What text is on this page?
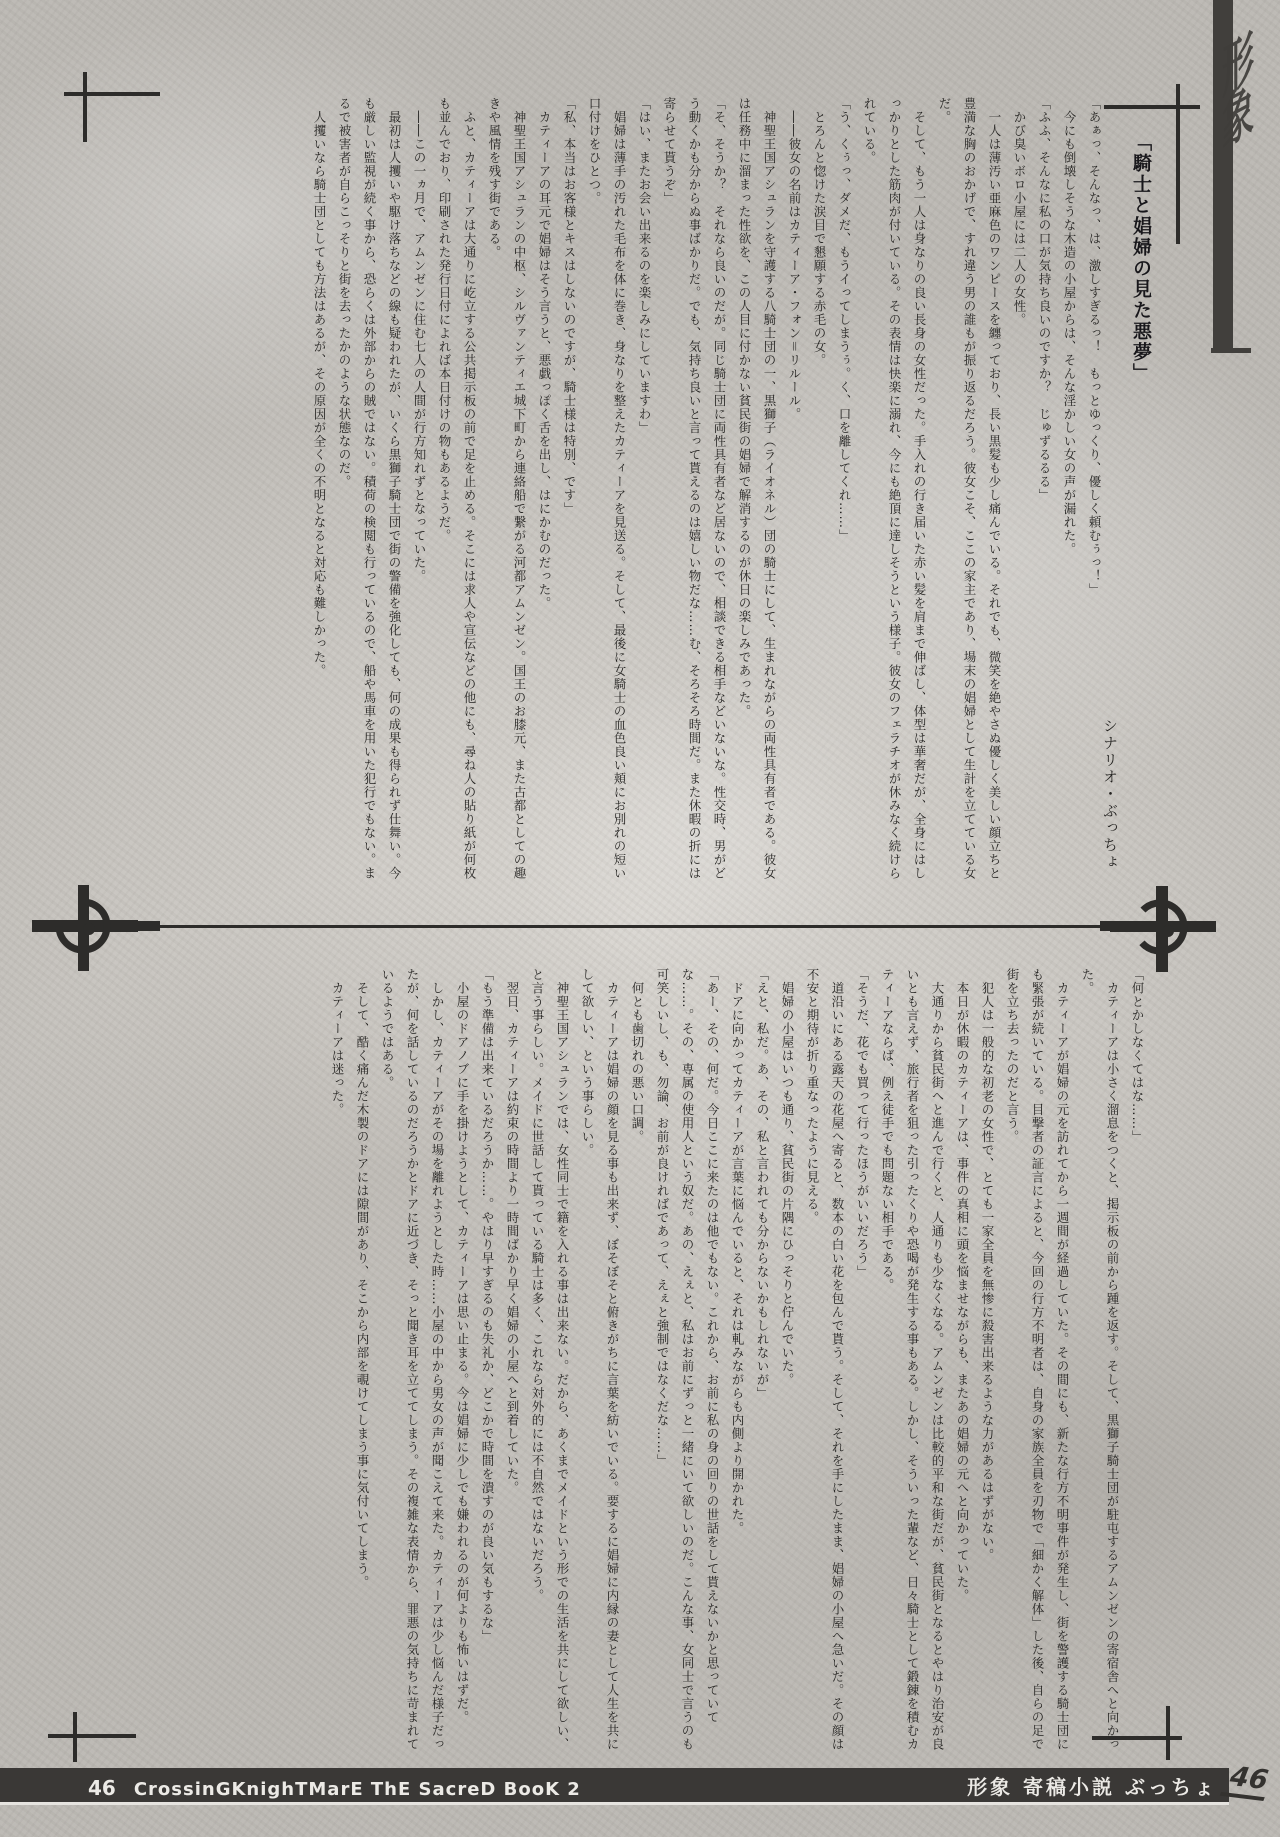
形象
「騎士と娼婦の見た悪夢」
シナリオ・ぶっちょ

「あぁっ、そんなっ、は、激しすぎるっ！　もっとゆっくり、優しく頼むぅっ！」

　今にも倒壊しそうな木造の小屋からは、そんな淫かしい女の声が漏れた。

「ふふ、そんなに私の口が気持ち良いのですか？　じゅずるるる」

　かび臭いボロ小屋には二人の女性。

　一人は薄汚い亜麻色のワンピースを纏っており、長い黒髪も少し痛んでいる。それでも、微笑を絶やさぬ優しく美しい顔立ちと豊満な胸のおかげで、すれ違う男の誰もが振り返るだろう。彼女こそ、ここの家主であり、場末の娼婦として生計を立てている女だ。

　そして、もう一人は身なりの良い長身の女性だった。手入れの行き届いた赤い髪を肩まで伸ばし、体型は華奢だが、全身にはしっかりとした筋肉が付いている。その表情は快楽に溺れ、今にも絶頂に達しそうという様子。彼女のフェラチオが休みなく続けられている。

「う、くぅっ、ダメだ、もうイってしまうぅ。く、口を離してくれ……」

　とろんと惚けた涙目で懇願する赤毛の女。

　――彼女の名前はカティーア・フォン＝リルール。

　神聖王国アシュランを守護する八騎士団の一、黒獅子（ライオネル）団の騎士にして、生まれながらの両性具有者である。彼女は任務中に溜まった性欲を、この人目に付かない貧民街の娼婦で解消するのが休日の楽しみであった。

「そ、そうか？　それなら良いのだが。同じ騎士団に両性具有者など居ないので、相談できる相手などいないな。性交時、男がどう動くかも分からぬ事ばかりだ。でも、気持ち良いと言って貰えるのは嬉しい物だな……む、そろそろ時間だ。また休暇の折には寄らせて貰うぞ」

「はい、またお会い出来るのを楽しみにしていますわ」

　娼婦は薄手の汚れた毛布を体に巻き、身なりを整えたカティーアを見送る。そして、最後に女騎士の血色良い頬にお別れの短い口付けをひとつ。

「私、本当はお客様とキスはしないのですが、騎士様は特別、です」

　カティーアの耳元で娼婦はそう言うと、悪戯っぽく舌を出し、はにかむのだった。

　神聖王国アシュランの中枢、シルヴァンティエ城下町から連絡船で繋がる河都アムンゼン。国王のお膝元、また古都としての趣きや風情を残す街である。

　ふと、カティーアは大通りに屹立する公共掲示板の前で足を止める。そこには求人や宣伝などの他にも、尋ね人の貼り紙が何枚も並んでおり、印刷された発行日付によれば本日付けの物もあるようだ。

　――この一ヵ月で、アムンゼンに住む七人の人間が行方知れずとなっていた。

　最初は人攫いや駆け落ちなどの線も疑われたが、いくら黒獅子騎士団で街の警備を強化しても、何の成果も得られず仕舞い。今も厳しい監視が続く事から、恐らくは外部からの賊ではない。積荷の検閲も行っているので、船や馬車を用いた犯行でもない。まるで被害者が自らこっそりと街を去ったかのような状態なのだ。

　人攫いなら騎士団としても方法はあるが、その原因が全くの不明となると対応も難しかった。

「何とかしなくてはな……」

　カティーアは小さく溜息をつくと、掲示板の前から踵を返す。そして、黒獅子騎士団が駐屯するアムンゼンの寄宿舎へと向かった。

　カティーアが娼婦の元を訪れてから一週間が経過していた。その間にも、新たな行方不明事件が発生し、街を警護する騎士団にも緊張が続いている。目撃者の証言によると、今回の行方不明者は、自身の家族全員を刃物で「細かく解体」した後、自らの足で街を立ち去ったのだと言う。

　犯人は一般的な初老の女性で、とても一家全員を無惨に殺害出来るような力があるはずがない。

　本日が休暇のカティーアは、事件の真相に頭を悩ませながらも、またあの娼婦の元へと向かっていた。

　大通りから貧民街へと進んで行くと、人通りも少なくなる。アムンゼンは比較的平和な街だが、貧民街となるとやはり治安が良いとも言えず、旅行者を狙った引ったくりや恐喝が発生する事もある。しかし、そういった輩など、日々騎士として鍛錬を積むカティーアならば、例え徒手でも問題ない相手である。

「そうだ、花でも買って行ったほうがいいだろう」

　道沿いにある露天の花屋へ寄ると、数本の白い花を包んで貰う。そして、それを手にしたまま、娼婦の小屋へ急いだ。その顔は不安と期待が折り重なったように見える。

　娼婦の小屋はいつも通り、貧民街の片隅にひっそりと佇んでいた。

「えと、私だ。あ、その、私と言われても分からないかもしれないが」

　ドアに向かってカティーアが言葉に悩んでいると、それは軋みながらも内側より開かれた。

「あー、その、何だ。今日ここに来たのは他でもない。これから、お前に私の身の回りの世話をして貰えないかと思っていてな……。その、専属の使用人という奴だ。あの、えぇと、私はお前にずっと一緒にいて欲しいのだ。こんな事、女同士で言うのも可笑しいし、も、勿論、お前が良ければであって、えぇと強制ではなくだな……」

　何とも歯切れの悪い口調。

　カティーアは娼婦の顔を見る事も出来ず、ぼそぼそと俯きがちに言葉を紡いでいる。要するに娼婦に内縁の妻として人生を共にして欲しい、という事らしい。

　神聖王国アシュランでは、女性同士で籍を入れる事は出来ない。だから、あくまでメイドという形での生活を共にして欲しい、と言う事らしい。メイドに世話して貰っている騎士は多く、これなら対外的には不自然ではないだろう。

　翌日、カティーアは約束の時間より一時間ばかり早く娼婦の小屋へと到着していた。

「もう準備は出来ているだろうか……。やはり早すぎるのも失礼か、どこかで時間を潰すのが良い気もするな」

　小屋のドアノブに手を掛けようとして、カティーアは思い止まる。今は娼婦に少しでも嫌われるのが何よりも怖いはずだ。

　しかし、カティーアがその場を離れようとした時……小屋の中から男女の声が聞こえて来た。カティーアは少し悩んだ様子だったが、何を話しているのだろうかとドアに近づき、そっと聞き耳を立ててしまう。その複雑な表情から、罪悪の気持ちに苛まれているようではある。

　そして、酷く痛んだ木製のドアには隙間があり、そこから内部を覗けてしまう事に気付いてしまう。

　カティーアは迷った。

46 CrossinGKnighTMarE ThE SacreD BooK 2	形象 寄稿小説 ぶっちょ 46
